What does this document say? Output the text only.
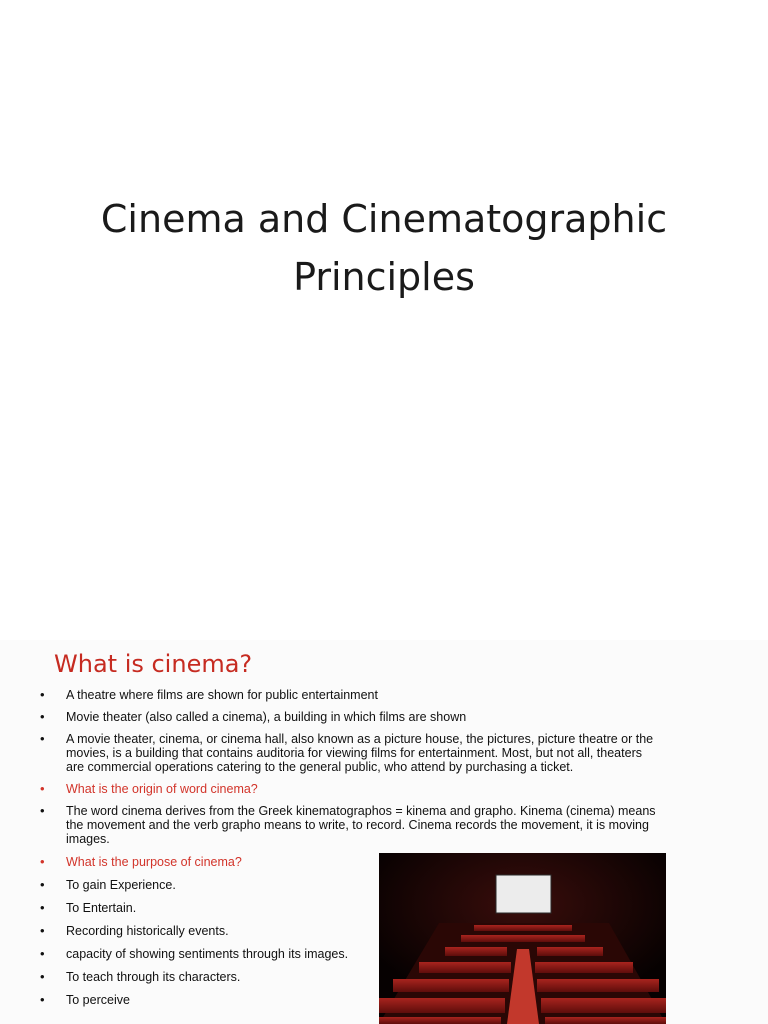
Cinema and Cinematographic
Principles
What is cinema?
• A theatre where films are shown for public entertainment
• Movie theater (also called a cinema), a building in which films are shown
• A movie theater, cinema, or cinema hall, also known as a picture house, the pictures, picture theatre or the movies, is a building that contains auditoria for viewing films for entertainment. Most, but not all, theaters are commercial operations catering to the general public, who attend by purchasing a ticket.
• What is the origin of word cinema?
• The word cinema derives from the Greek kinematographos = kinema and grapho. Kinema (cinema) means the movement and the verb grapho means to write, to record. Cinema records the movement, it is moving images.
• What is the purpose of cinema?
• To gain Experience.
• To Entertain.
• Recording historically events.
• capacity of showing sentiments through its images.
• To teach through its characters.
• To perceive
